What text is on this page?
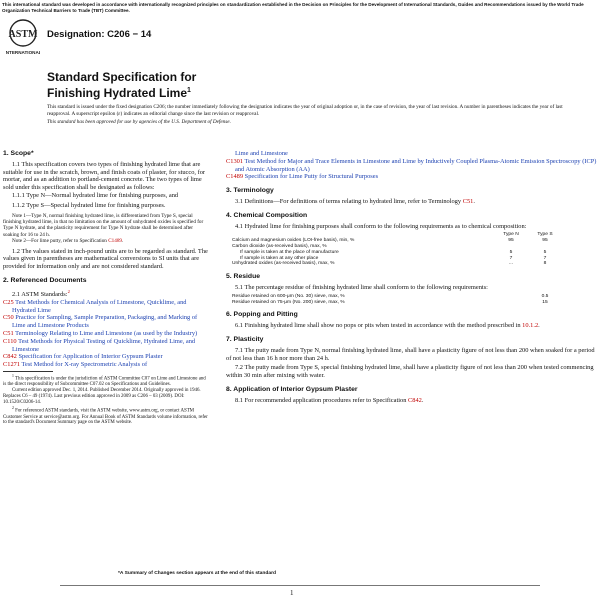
This international standard was developed in accordance with internationally recognized principles on standardization established in the Decision on Principles for the Development of International Standards, Guides and Recommendations issued by the World Trade Organization Technical Barriers to Trade (TBT) Committee.
ASTM
INTERNATIONAL
Designation: C206 − 14
Standard Specification for
Finishing Hydrated Lime$^1$

This standard is issued under the fixed designation C206; the number immediately following the designation indicates the year of original adoption or, in the case of revision, the year of last revision. A number in parentheses indicates the year of last reapproval. A superscript epsilon (ε) indicates an editorial change since the last revision or reapproval.

This standard has been approved for use by agencies of the U.S. Department of Defense.

1. Scope*

1.1 This specification covers two types of finishing hydrated lime that are suitable for use in the scratch, brown, and finish coats of plaster, for stucco, for mortar, and as an addition to portland-cement concrete. The two types of lime sold under this specification shall be designated as follows:

1.1.1 Type N—Normal hydrated lime for finishing purposes, and

1.1.2 Type S—Special hydrated lime for finishing purposes.

Note 1—Type N, normal finishing hydrated lime, is differentiated from Type S, special finishing hydrated lime, in that no limitation on the amount of unhydrated oxides is specified for Type N hydrate, and the plasticity requirement for Type N hydrate shall be determined after soaking for 16 to 24 h.

Note 2—For lime putty, refer to Specification C1489.

1.2 The values stated in inch-pound units are to be regarded as standard. The values given in parentheses are mathematical conversions to SI units that are provided for information only and are not considered standard.

2. Referenced Documents

2.1 ASTM Standards:$^2$

C25 Test Methods for Chemical Analysis of Limestone, Quicklime, and Hydrated Lime

C50 Practice for Sampling, Sample Preparation, Packaging, and Marking of Lime and Limestone Products

C51 Terminology Relating to Lime and Limestone (as used by the Industry)

C110 Test Methods for Physical Testing of Quicklime, Hydrated Lime, and Limestone

C842 Specification for Application of Interior Gypsum Plaster

C1271 Test Method for X-ray Spectrometric Analysis of

$^1$ This specification is under the jurisdiction of ASTM Committee C07 on Lime and Limestone and is the direct responsibility of Subcommittee C07.02 on Specifications and Guidelines.

Current edition approved Dec. 1, 2014. Published December 2014. Originally approved in 1946. Replaces C6 – 49 (1974). Last previous edition approved in 2009 as C206 – 03 (2009). DOI: 10.1520/C0206-14.

$^2$ For referenced ASTM standards, visit the ASTM website, www.astm.org, or contact ASTM Customer Service at service@astm.org. For Annual Book of ASTM Standards volume information, refer to the standard's Document Summary page on the ASTM website.

Lime and Limestone

C1301 Test Method for Major and Trace Elements in Limestone and Lime by Inductively Coupled Plasma-Atomic Emission Spectroscopy (ICP) and Atomic Absorption (AA)

C1489 Specification for Lime Putty for Structural Purposes

3. Terminology

3.1 Definitions—For definitions of terms relating to hydrated lime, refer to Terminology C51.

4. Chemical Composition

4.1 Hydrated lime for finishing purposes shall conform to the following requirements as to chemical composition:

	Type N	Type S
Calcium and magnesium oxides (LOI-free basis), min, %	95	95
Carbon dioxide (as-received basis), max, %		
If sample is taken at the place of manufacture	5	5
If sample is taken at any other place	7	7
Unhydrated oxides (as-received basis), max, %	...	8
5. Residue

5.1 The percentage residue of finishing hydrated lime shall conform to the following requirements:

Residue retained on 600-μm (No. 30) sieve, max, %	0.5
Residue retained on 75-μm (No. 200) sieve, max, %	15
6. Popping and Pitting

6.1 Finishing hydrated lime shall show no pops or pits when tested in accordance with the method prescribed in 10.1.2.

7. Plasticity

7.1 The putty made from Type N, normal finishing hydrated lime, shall have a plasticity figure of not less than 200 when soaked for a period of not less than 16 h nor more than 24 h.

7.2 The putty made from Type S, special finishing hydrated lime, shall have a plasticity figure of not less than 200 when tested commencing within 30 min after mixing with water.

8. Application of Interior Gypsum Plaster

8.1 For recommended application procedures refer to Specification C842.

*A Summary of Changes section appears at the end of this standard
1
